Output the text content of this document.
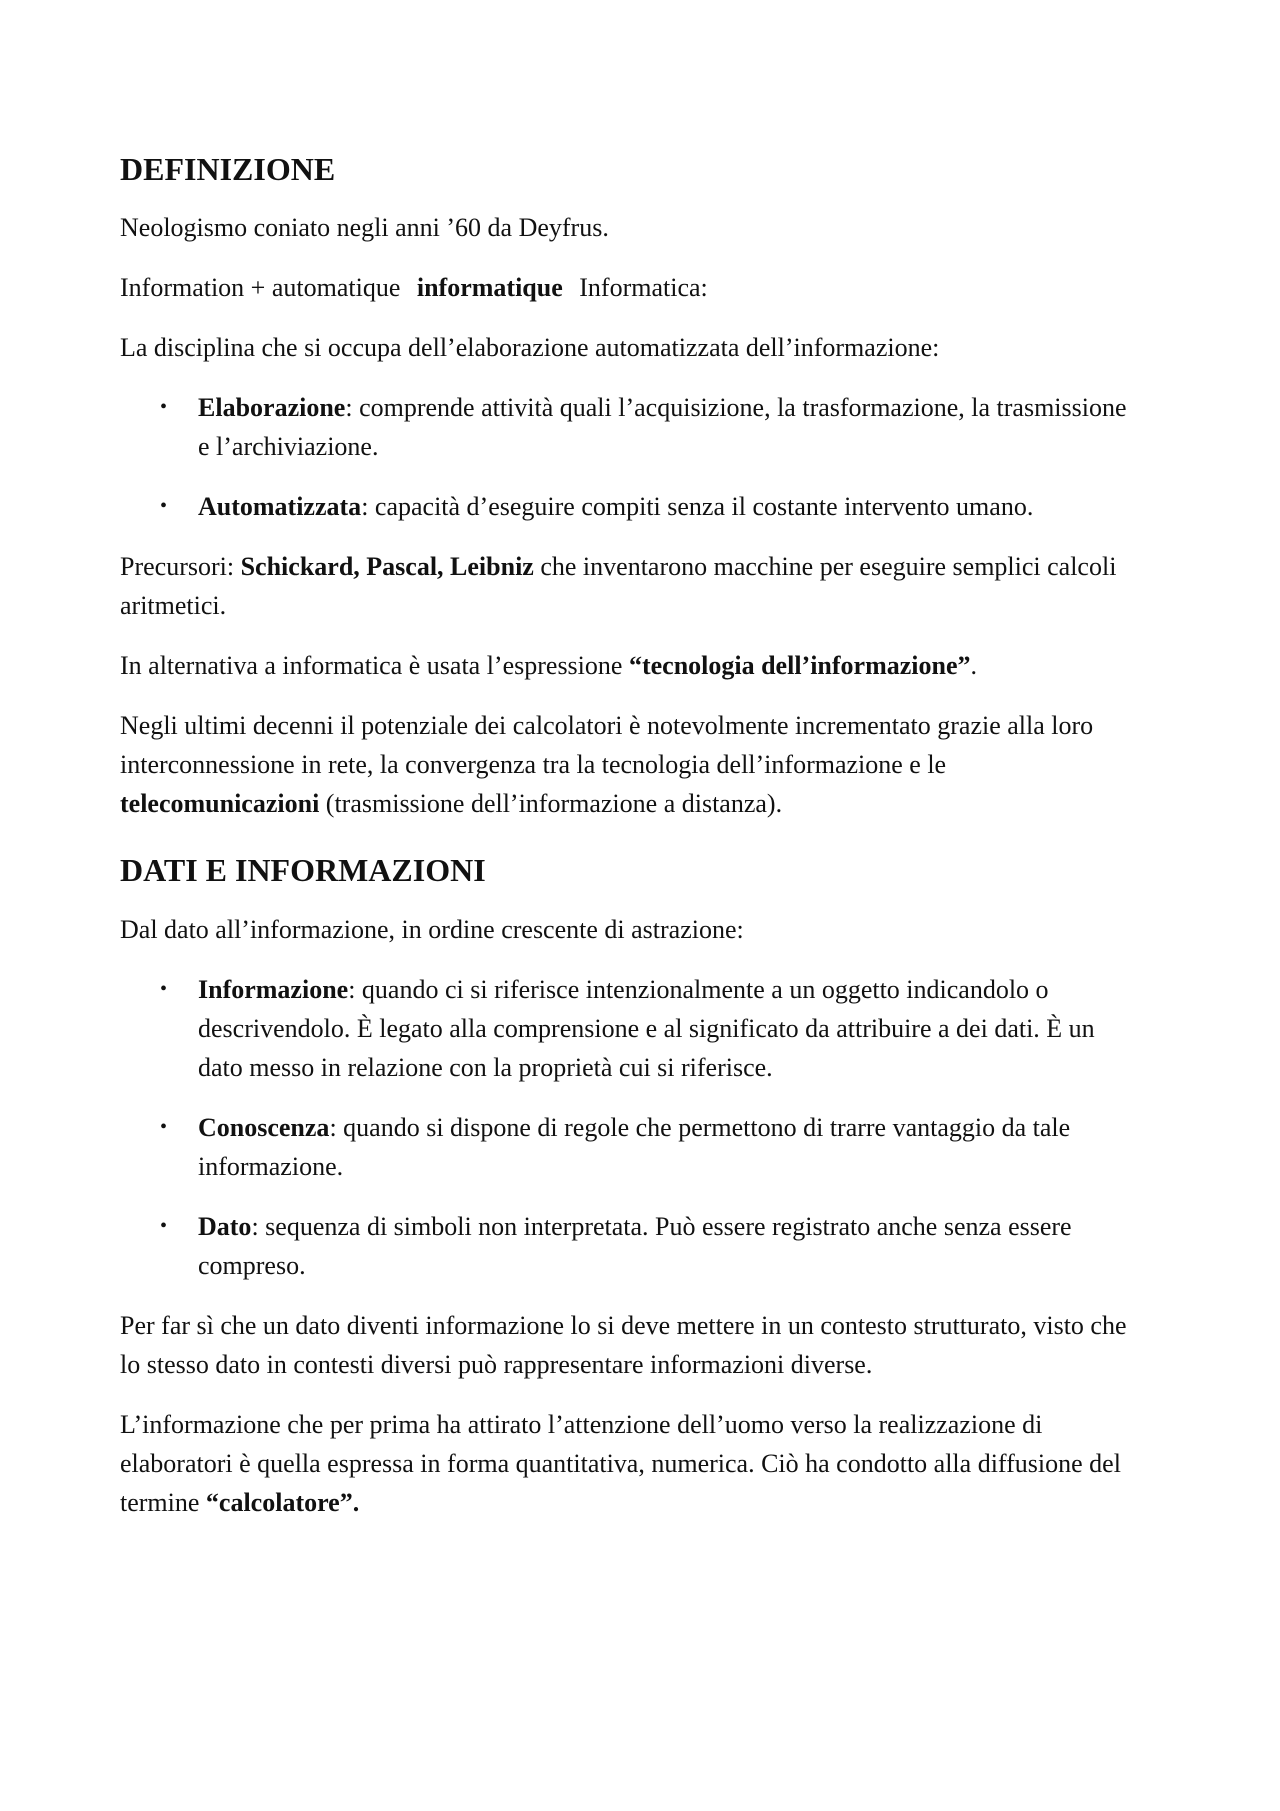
DEFINIZIONE

Neologismo coniato negli anni ’60 da Deyfrus.

Information + automatique informatique Informatica:

La disciplina che si occupa dell’elaborazione automatizzata dell’informazione:

• Elaborazione: comprende attività quali l’acquisizione, la trasformazione, la trasmissione e l’archiviazione.
• Automatizzata: capacità d’eseguire compiti senza il costante intervento umano.

Precursori: Schickard, Pascal, Leibniz che inventarono macchine per eseguire semplici calcoli aritmetici.

In alternativa a informatica è usata l’espressione “tecnologia dell’informazione”.

Negli ultimi decenni il potenziale dei calcolatori è notevolmente incrementato grazie alla loro interconnessione in rete, la convergenza tra la tecnologia dell’informazione e le telecomunicazioni (trasmissione dell’informazione a distanza).

DATI E INFORMAZIONI

Dal dato all’informazione, in ordine crescente di astrazione:

• Informazione: quando ci si riferisce intenzionalmente a un oggetto indicandolo o descrivendolo. È legato alla comprensione e al significato da attribuire a dei dati. È un dato messo in relazione con la proprietà cui si riferisce.
• Conoscenza: quando si dispone di regole che permettono di trarre vantaggio da tale informazione.
• Dato: sequenza di simboli non interpretata. Può essere registrato anche senza essere compreso.

Per far sì che un dato diventi informazione lo si deve mettere in un contesto strutturato, visto che lo stesso dato in contesti diversi può rappresentare informazioni diverse.

L’informazione che per prima ha attirato l’attenzione dell’uomo verso la realizzazione di elaboratori è quella espressa in forma quantitativa, numerica. Ciò ha condotto alla diffusione del termine “calcolatore”.
